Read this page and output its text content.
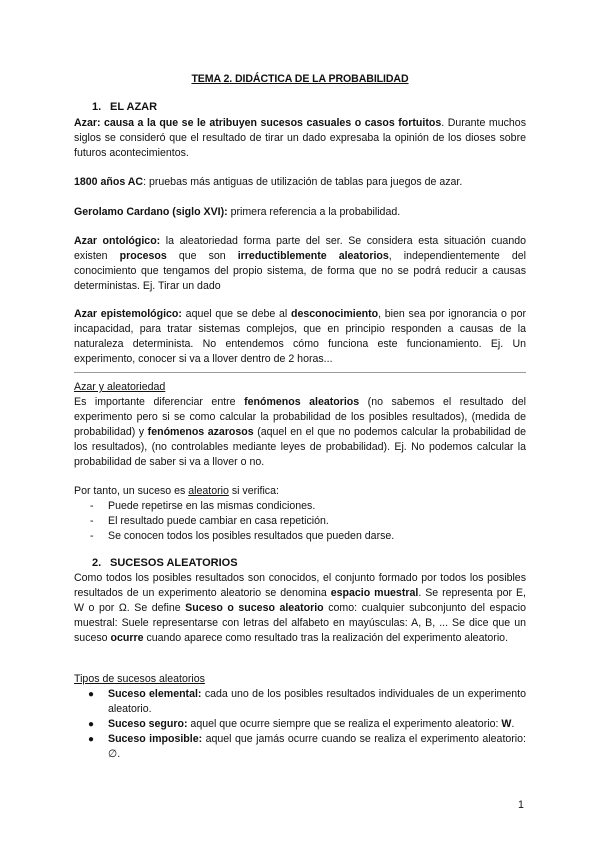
TEMA 2. DIDÁCTICA DE LA PROBABILIDAD
1. EL AZAR

Azar: causa a la que se le atribuyen sucesos casuales o casos fortuitos. Durante muchos siglos se consideró que el resultado de tirar un dado expresaba la opinión de los dioses sobre futuros acontecimientos.

1800 años AC: pruebas más antiguas de utilización de tablas para juegos de azar.

Gerolamo Cardano (siglo XVI): primera referencia a la probabilidad.

Azar ontológico: la aleatoriedad forma parte del ser. Se considera esta situación cuando existen procesos que son irreductiblemente aleatorios, independientemente del conocimiento que tengamos del propio sistema, de forma que no se podrá reducir a causas deterministas. Ej. Tirar un dado

Azar epistemológico: aquel que se debe al desconocimiento, bien sea por ignorancia o por incapacidad, para tratar sistemas complejos, que en principio responden a causas de la naturaleza determinista. No entendemos cómo funciona este funcionamiento. Ej. Un experimento, conocer si va a llover dentro de 2 horas...

Azar y aleatoriedad

Es importante diferenciar entre fenómenos aleatorios (no sabemos el resultado del experimento pero si se como calcular la probabilidad de los posibles resultados), (medida de probabilidad) y fenómenos azarosos (aquel en el que no podemos calcular la probabilidad de los resultados), (no controlables mediante leyes de probabilidad). Ej. No podemos calcular la probabilidad de saber si va a llover o no.

Por tanto, un suceso es aleatorio si verifica:

- Puede repetirse en las mismas condiciones.
- El resultado puede cambiar en casa repetición.
- Se conocen todos los posibles resultados que pueden darse.
2. SUCESOS ALEATORIOS

Como todos los posibles resultados son conocidos, el conjunto formado por todos los posibles resultados de un experimento aleatorio se denomina espacio muestral. Se representa por E, W o por Ω. Se define Suceso o suceso aleatorio como: cualquier subconjunto del espacio muestral: Suele representarse con letras del alfabeto en mayúsculas: A, B, ... Se dice que un suceso ocurre cuando aparece como resultado tras la realización del experimento aleatorio.

Tipos de sucesos aleatorios

● Suceso elemental: cada uno de los posibles resultados individuales de un experimento aleatorio.
● Suceso seguro: aquel que ocurre siempre que se realiza el experimento aleatorio: W.
● Suceso imposible: aquel que jamás ocurre cuando se realiza el experimento aleatorio: ∅.
1
